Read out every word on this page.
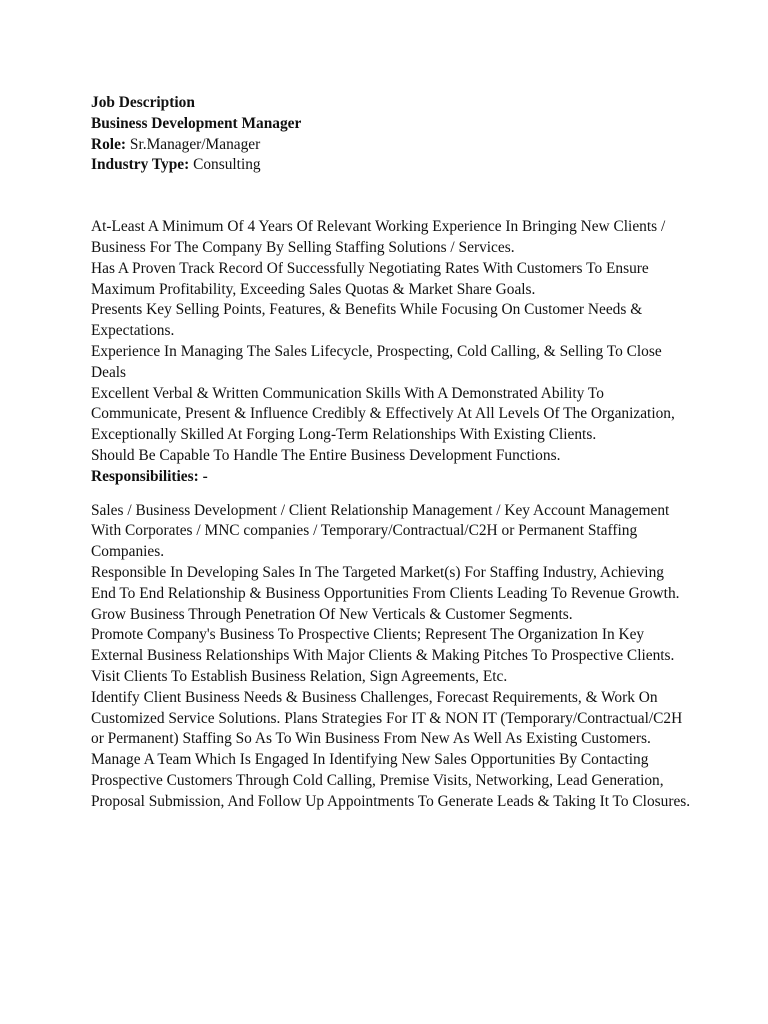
Job Description

Business Development Manager

Role: Sr.Manager/Manager

Industry Type: Consulting

At-Least A Minimum Of 4 Years Of Relevant Working Experience In Bringing New Clients / Business For The Company By Selling Staffing Solutions / Services.

Has A Proven Track Record Of Successfully Negotiating Rates With Customers To Ensure Maximum Profitability, Exceeding Sales Quotas & Market Share Goals.

Presents Key Selling Points, Features, & Benefits While Focusing On Customer Needs & Expectations.

Experience In Managing The Sales Lifecycle, Prospecting, Cold Calling, & Selling To Close Deals

Excellent Verbal & Written Communication Skills With A Demonstrated Ability To Communicate, Present & Influence Credibly & Effectively At All Levels Of The Organization, Exceptionally Skilled At Forging Long-Term Relationships With Existing Clients.

Should Be Capable To Handle The Entire Business Development Functions.

Responsibilities: -

Sales / Business Development / Client Relationship Management / Key Account Management With Corporates / MNC companies / Temporary/Contractual/C2H or Permanent Staffing Companies.

Responsible In Developing Sales In The Targeted Market(s) For Staffing Industry, Achieving End To End Relationship & Business Opportunities From Clients Leading To Revenue Growth. Grow Business Through Penetration Of New Verticals & Customer Segments.

Promote Company's Business To Prospective Clients; Represent The Organization In Key External Business Relationships With Major Clients & Making Pitches To Prospective Clients.

Visit Clients To Establish Business Relation, Sign Agreements, Etc.

Identify Client Business Needs & Business Challenges, Forecast Requirements, & Work On Customized Service Solutions. Plans Strategies For IT & NON IT (Temporary/Contractual/C2H or Permanent) Staffing So As To Win Business From New As Well As Existing Customers.

Manage A Team Which Is Engaged In Identifying New Sales Opportunities By Contacting Prospective Customers Through Cold Calling, Premise Visits, Networking, Lead Generation, Proposal Submission, And Follow Up Appointments To Generate Leads & Taking It To Closures.
